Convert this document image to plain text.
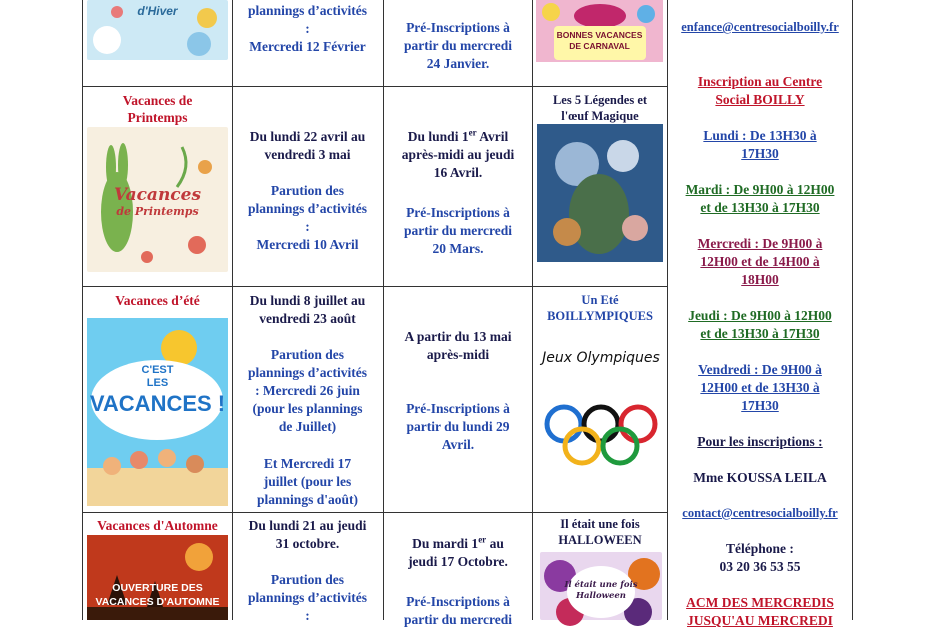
d'Hiver	plannings d’activités

:

Mercredi 12 Février

Pré-Inscriptions à

partir du mercredi

24 Janvier.

BONNES VACANCES
DE CARNAVAL

Vacances de

Printemps

Vacances
de Printemps

Du lundi 22 avril au

vendredi 3 mai

Parution des

plannings d’activités

:

Mercredi 10 Avril

Du lundi 1er Avril

après-midi au jeudi

16 Avril.

Pré-Inscriptions à

partir du mercredi

20 Mars.

Les 5 Légendes et

l'œuf Magique

Vacances d’été
C'EST
LES
VACANCES !

Du lundi 8 juillet au

vendredi 23 août

Parution des

plannings d’activités

: Mercredi 26 juin

(pour les plannings

de Juillet)

Et Mercredi 17

juillet (pour les

plannings d'août)

A partir du 13 mai

après-midi

Pré-Inscriptions à

partir du lundi 29

Avril.

Un Eté

BOILLYMPIQUES

Jeux Olympiques
Vacances d'Automne
OUVERTURE DES
VACANCES D'AUTOMNE

Du lundi 21 au jeudi

31 octobre.

Parution des

plannings d’activités

:

Du mardi 1er au

jeudi 17 Octobre.

Pré-Inscriptions à

partir du mercredi

Il était une fois

HALLOWEEN

Il était une fois
Halloween
enfance@centresocialboilly.fr

Inscription au Centre

Social BOILLY

Lundi : De 13H30 à

17H30

Mardi : De 9H00 à 12H00

et de 13H30 à 17H30

Mercredi : De 9H00 à

12H00 et de 14H00 à

18H00

Jeudi : De 9H00 à 12H00

et de 13H30 à 17H30

Vendredi : De 9H00 à

12H00 et de 13H30 à

17H30

Pour les inscriptions :
Mme KOUSSA LEILA
contact@centresocialboilly.fr

Téléphone :

03 20 36 53 55

ACM DES MERCREDIS

JUSQU'AU MERCREDI
